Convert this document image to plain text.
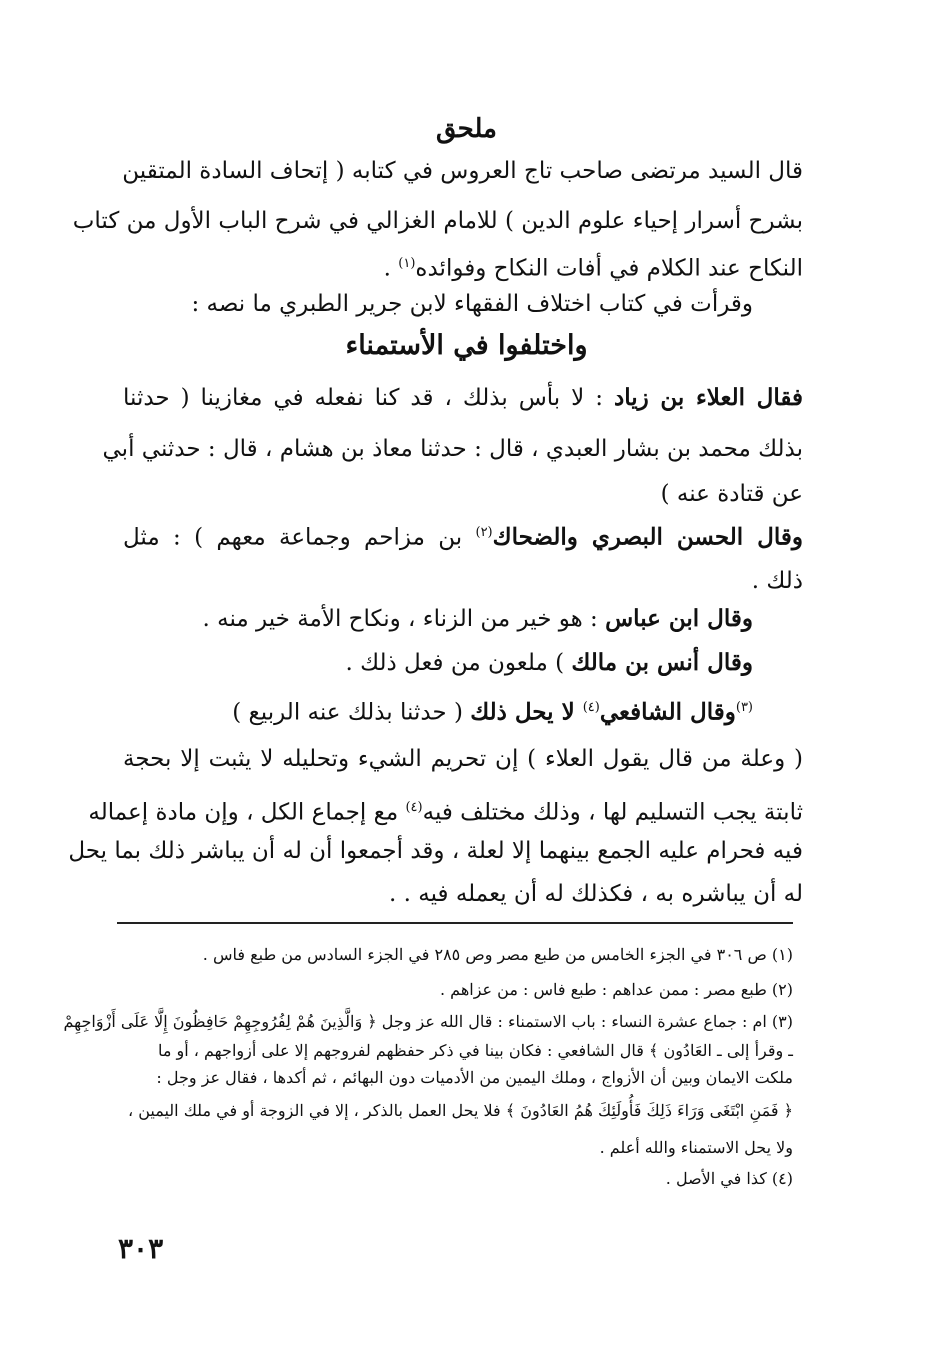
ملحق
قال السيد مرتضى صاحب تاج العروس في كتابه ( إتحاف السادة المتقين
بشرح أسرار إحياء علوم الدين ) للامام الغزالي في شرح الباب الأول من كتاب
النكاح عند الكلام في أفات النكاح وفوائده$^{(١)}$ .
وقرأت في كتاب اختلاف الفقهاء لابن جرير الطبري ما نصه :
واختلفوا في الأستمناء
فقال العلاء بن زياد : لا بأس بذلك ، قد كنا نفعله في مغازينا ( حدثنا
بذلك محمد بن بشار العبدي ، قال : حدثنا معاذ بن هشام ، قال : حدثني أبي
عن قتادة عنه )
وقال الحسن البصري والضحاك$^{(٢)}$ بن مزاحم وجماعة معهم ) : مثل
ذلك .
وقال ابن عباس : هو خير من الزناء ، ونكاح الأمة خير منه .
وقال أنس بن مالك ) ملعون من فعل ذلك .
$^{(٣)}$وقال الشافعي$^{(٤)}$ لا يحل ذلك ( حدثنا بذلك عنه الربيع )
( وعلة من قال يقول العلاء ) إن تحريم الشيء وتحليله لا يثبت إلا بحجة
ثابتة يجب التسليم لها ، وذلك مختلف فيه$^{(٤)}$ مع إجماع الكل ، وإن مادة إعماله
فيه فحرام عليه الجمع بينهما إلا لعلة ، وقد أجمعوا أن له أن يباشر ذلك بما يحل
له أن يباشره به ، فكذلك له أن يعمله فيه . .
(١) ص ٣٠٦ في الجزء الخامس من طبع مصر وص ٢٨٥ في الجزء السادس من طبع فاس .
(٢) طبع مصر : ممن عداهم : طبع فاس : من عزاهم .
(٣) ام : جماع عشرة النساء : باب الاستمناء : قال الله عز وجل ﴿ وَالَّذِينَ هُمْ لِفُرُوجِهِمْ حَافِظُونَ إِلَّا عَلَى أَزْوَاجِهِمْ
ـ وقرأ إلى ـ العَادُون ﴾ قال الشافعي : فكان بينا في ذكر حفظهم لفروجهم إلا على أزواجهم ، أو ما
ملكت الايمان وبين أن الأزواج ، وملك اليمين من الأدميات دون البهائم ، ثم أكدها ، فقال عز وجل :
﴿ فَمَنِ ابْتَغَى وَرَاءَ ذَلِكَ فَأُولَئِكَ هُمُ العَادُونَ ﴾ فلا يحل العمل بالذكر ، إلا في الزوجة أو في ملك اليمين ،
ولا يحل الاستمناء والله أعلم .
(٤) كذا في الأصل .
٣٠٣
